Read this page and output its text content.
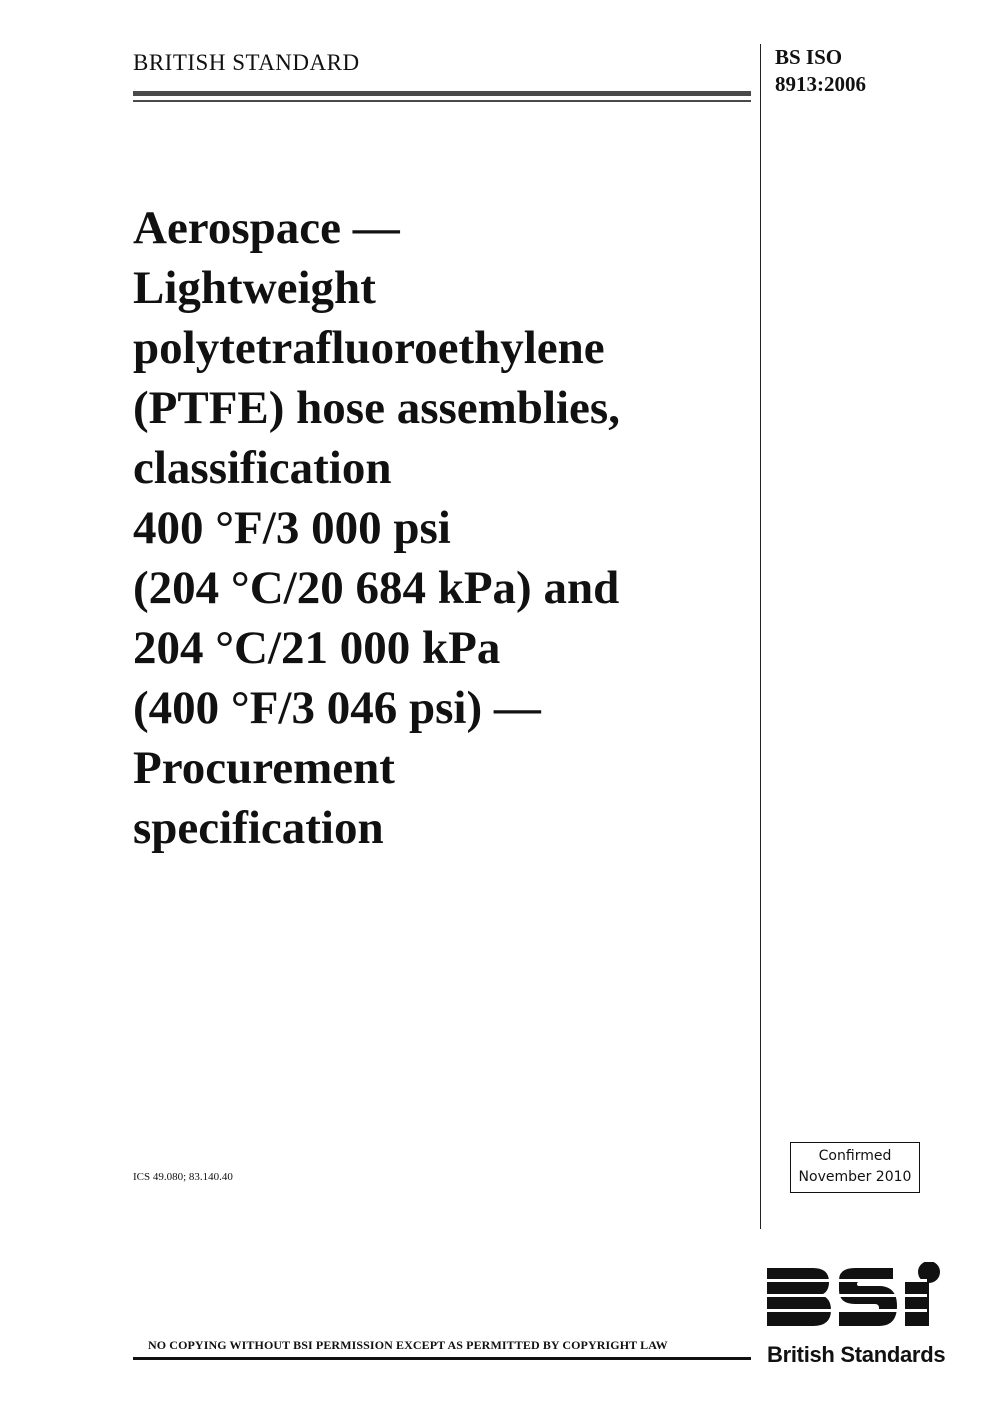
BRITISH STANDARD	BS ISO
8913:2006
Aerospace —
Lightweight
polytetrafluoroethylene
(PTFE) hose assemblies,
classification
400 °F/3 000 psi
(204 °C/20 684 kPa) and
204 °C/21 000 kPa
(400 °F/3 046 psi) —
Procurement
specification
ICS 49.080; 83.140.40
Confirmed
November 2010
British Standards
NO COPYING WITHOUT BSI PERMISSION EXCEPT AS PERMITTED BY COPYRIGHT LAW
